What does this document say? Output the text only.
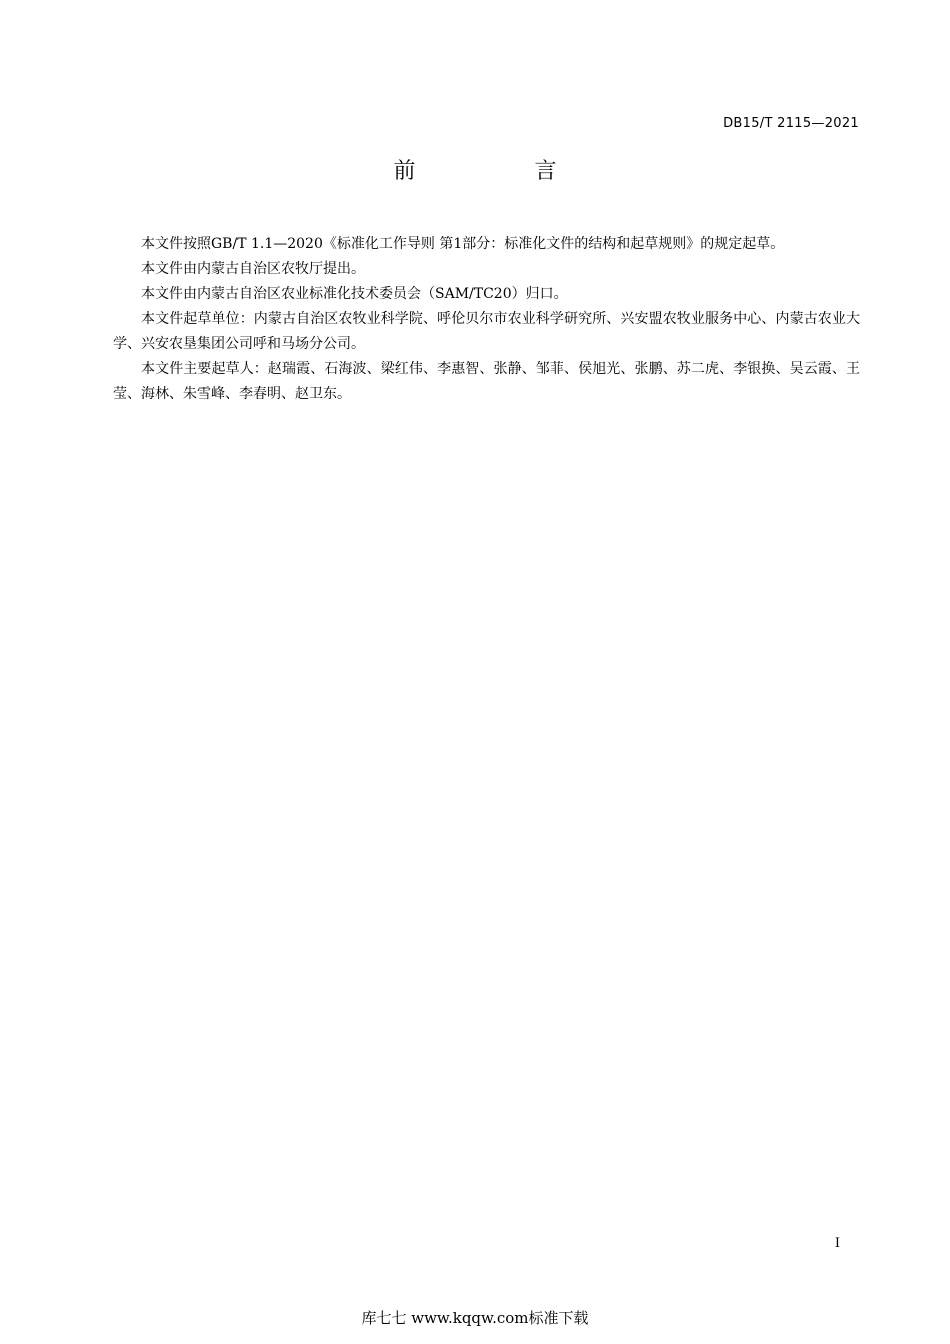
DB15/T 2115—2021
前 言

本文件按照GB/T 1.1—2020《标准化工作导则 第1部分：标准化文件的结构和起草规则》的规定起草。

本文件由内蒙古自治区农牧厅提出。

本文件由内蒙古自治区农业标准化技术委员会（SAM/TC20）归口。

本文件起草单位：内蒙古自治区农牧业科学院、呼伦贝尔市农业科学研究所、兴安盟农牧业服务中心、内蒙古农业大学、兴安农垦集团公司呼和马场分公司。

本文件主要起草人：赵瑞霞、石海波、梁红伟、李惠智、张静、邹菲、侯旭光、张鹏、苏二虎、李银换、吴云霞、王莹、海林、朱雪峰、李春明、赵卫东。

I
库七七 www.kqqw.com标准下载
